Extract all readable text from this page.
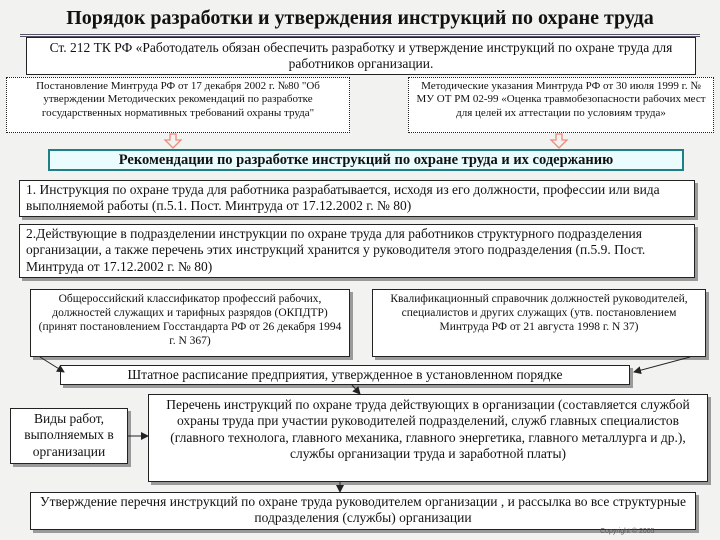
Порядок разработки и утверждения инструкций по охране труда
Ст. 212 ТК РФ «Работодатель обязан обеспечить разработку и утверждение инструкций по охране труда для работников организации.
Постановление Минтруда РФ от 17 декабря 2002 г. №80 "Об утверждении Методических рекомендаций по разработке государственных нормативных требований охраны труда"
Методические указания Минтруда РФ от 30 июля 1999 г. № МУ ОТ РМ 02-99 «Оценка травмобезопасности рабочих мест для целей их аттестации по условиям труда»
Рекомендации по разработке инструкций по охране труда и их содержанию
1. Инструкция по охране труда для работника разрабатывается, исходя из его должности, профессии или вида выполняемой работы (п.5.1. Пост. Минтруда от 17.12.2002 г. № 80)
2.Действующие в подразделении инструкции по охране труда для работников структурного подразделения организации, а также перечень этих инструкций хранится у руководителя этого подразделения (п.5.9. Пост. Минтруда от 17.12.2002 г. № 80)
Общероссийский классификатор профессий рабочих, должностей служащих и тарифных разрядов (ОКПДТР) (принят постановлением Госстандарта РФ от 26 декабря 1994 г. N 367)
Квалификационный справочник должностей руководителей, специалистов и других служащих (утв. постановлением Минтруда РФ от 21 августа 1998 г. N 37)
Штатное расписание предприятия, утвержденное в установленном порядке
Виды работ, выполняемых в организации
Перечень инструкций по охране труда действующих в организации (составляется службой охраны труда при участии руководителей подразделений, служб главных специалистов (главного технолога, главного механика, главного энергетика, главного металлурга и др.), службы организации труда и заработной платы)
Утверждение перечня инструкций по охране труда руководителем организации , и рассылка во все структурные подразделения (службы) организации
Copyright © 2005
